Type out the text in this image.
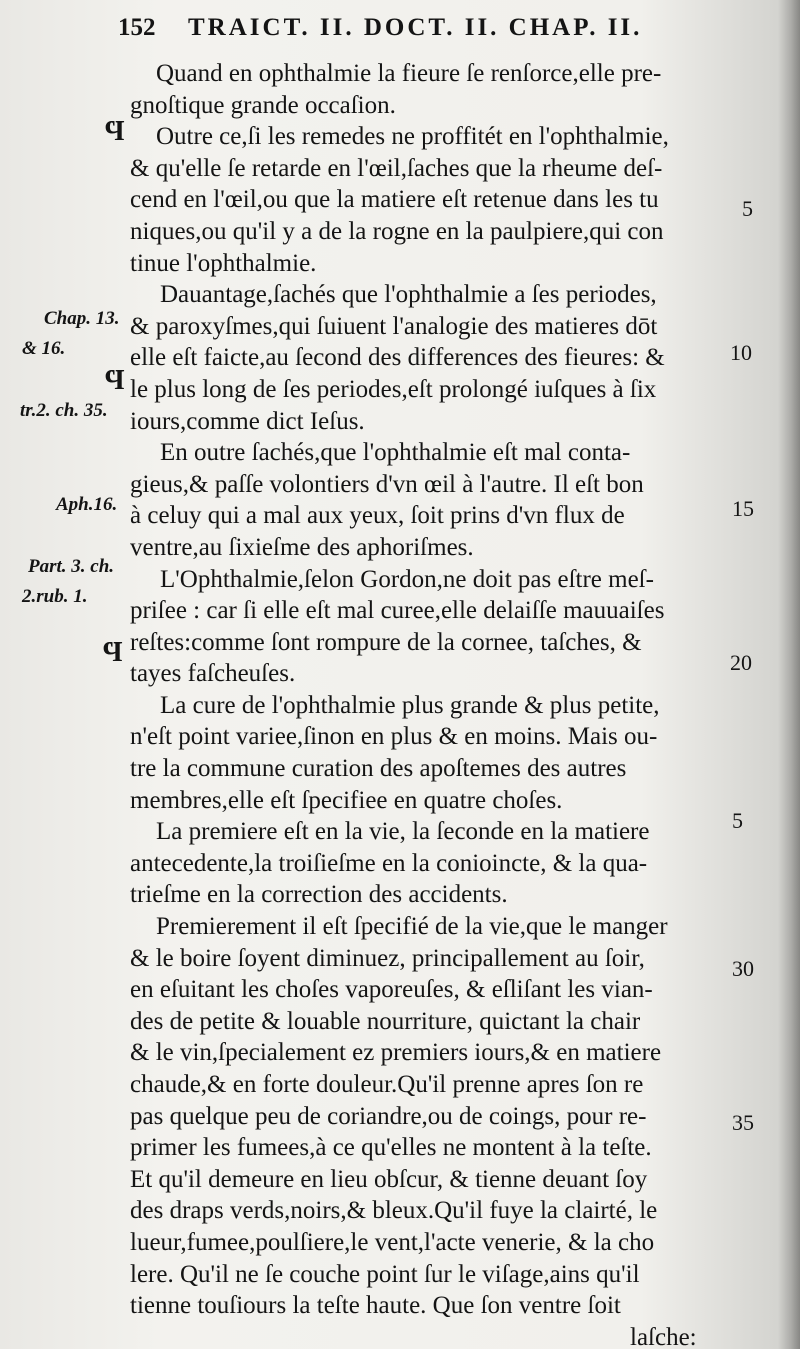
152 TRAICT. II. DOCT. II. CHAP. II.
Quand en ophthalmie la fieure ſe renſorce,elle pre-
gnoſtique grande occaſion.
Outre ce,ſi les remedes ne proffitét en l'ophthalmie,
& qu'elle ſe retarde en l'œil,ſaches que la rheume deſ-
cend en l'œil,ou que la matiere eſt retenue dans les tu
niques,ou qu'il y a de la rogne en la paulpiere,qui con
tinue l'ophthalmie.
Dauantage,ſachés que l'ophthalmie a ſes periodes,
& paroxyſmes,qui ſuiuent l'analogie des matieres dōt
elle eſt faicte,au ſecond des differences des fieures: &
le plus long de ſes periodes,eſt prolongé iuſques à ſix
iours,comme dict Ieſus.
En outre ſachés,que l'ophthalmie eſt mal conta-
gieus,& paſſe volontiers d'vn œil à l'autre. Il eſt bon
à celuy qui a mal aux yeux, ſoit prins d'vn flux de
ventre,au ſixieſme des aphoriſmes.
L'Ophthalmie,ſelon Gordon,ne doit pas eſtre meſ-
priſee : car ſi elle eſt mal curee,elle delaiſſe mauuaiſes
reſtes:comme ſont rompure de la cornee, taſches, &
tayes faſcheuſes.
La cure de l'ophthalmie plus grande & plus petite,
n'eſt point variee,ſinon en plus & en moins. Mais ou-
tre la commune curation des apoſtemes des autres
membres,elle eſt ſpecifiee en quatre choſes.
La premiere eſt en la vie, la ſeconde en la matiere
antecedente,la troiſieſme en la conioincte, & la qua-
trieſme en la correction des accidents.
Premierement il eſt ſpecifié de la vie,que le manger
& le boire ſoyent diminuez, principallement au ſoir,
en eſuitant les choſes vaporeuſes, & eſliſant les vian-
des de petite & louable nourriture, quictant la chair
& le vin,ſpecialement ez premiers iours,& en matiere
chaude,& en forte douleur.Qu'il prenne apres ſon re
pas quelque peu de coriandre,ou de coings, pour re-
primer les fumees,à ce qu'elles ne montent à la teſte.
Et qu'il demeure en lieu obſcur, & tienne deuant ſoy
des draps verds,noirs,& bleux.Qu'il fuye la clairté, le
lueur,fumee,poulſiere,le vent,l'acte venerie, & la cho
lere. Qu'il ne ſe couche point ſur le viſage,ains qu'il
tienne touſiours la teſte haute. Que ſon ventre ſoit
laſche:
Chap. 13.
& 16.
tr.2. ch. 35.
Aph.16.
Part. 3. ch.
2.rub. 1.
Ϥ
Ϥ
Ϥ
5
10
15
20
5
30
35
